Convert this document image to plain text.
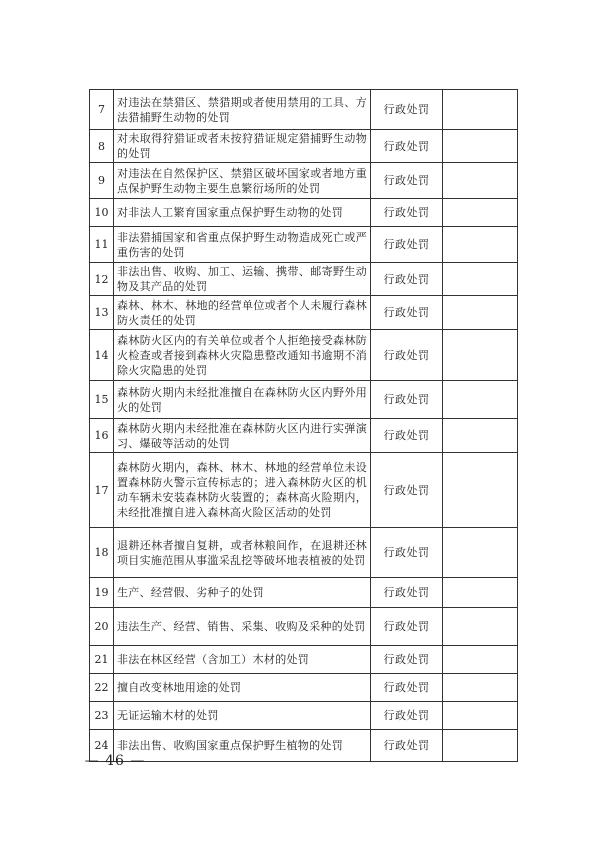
7	对违法在禁猎区、禁猎期或者使用禁用的工具、方法猎捕野生动物的处罚	行政处罚	
8	对未取得狩猎证或者未按狩猎证规定猎捕野生动物的处罚	行政处罚	
9	对违法在自然保护区、禁猎区破坏国家或者地方重点保护野生动物主要生息繁衍场所的处罚	行政处罚	
10	对非法人工繁育国家重点保护野生动物的处罚	行政处罚	
11	非法猎捕国家和省重点保护野生动物造成死亡或严重伤害的处罚	行政处罚	
12	非法出售、收购、加工、运输、携带、邮寄野生动物及其产品的处罚	行政处罚	
13	森林、林木、林地的经营单位或者个人未履行森林防火责任的处罚	行政处罚	
14	森林防火区内的有关单位或者个人拒绝接受森林防火检查或者接到森林火灾隐患整改通知书逾期不消除火灾隐患的处罚	行政处罚	
15	森林防火期内未经批准擅自在森林防火区内野外用火的处罚	行政处罚	
16	森林防火期内未经批准在森林防火区内进行实弹演习、爆破等活动的处罚	行政处罚	
17	森林防火期内，森林、林木、林地的经营单位未设置森林防火警示宣传标志的；进入森林防火区的机动车辆未安装森林防火装置的；森林高火险期内，未经批准擅自进入森林高火险区活动的处罚	行政处罚	
18	退耕还林者擅自复耕，或者林粮间作，在退耕还林项目实施范围从事滥采乱挖等破坏地表植被的处罚	行政处罚	
19	生产、经营假、劣种子的处罚	行政处罚	
20	违法生产、经营、销售、采集、收购及采种的处罚	行政处罚	
21	非法在林区经营（含加工）木材的处罚	行政处罚	
22	擅自改变林地用途的处罚	行政处罚	
23	无证运输木材的处罚	行政处罚	
24	非法出售、收购国家重点保护野生植物的处罚	行政处罚	
— 46 —
